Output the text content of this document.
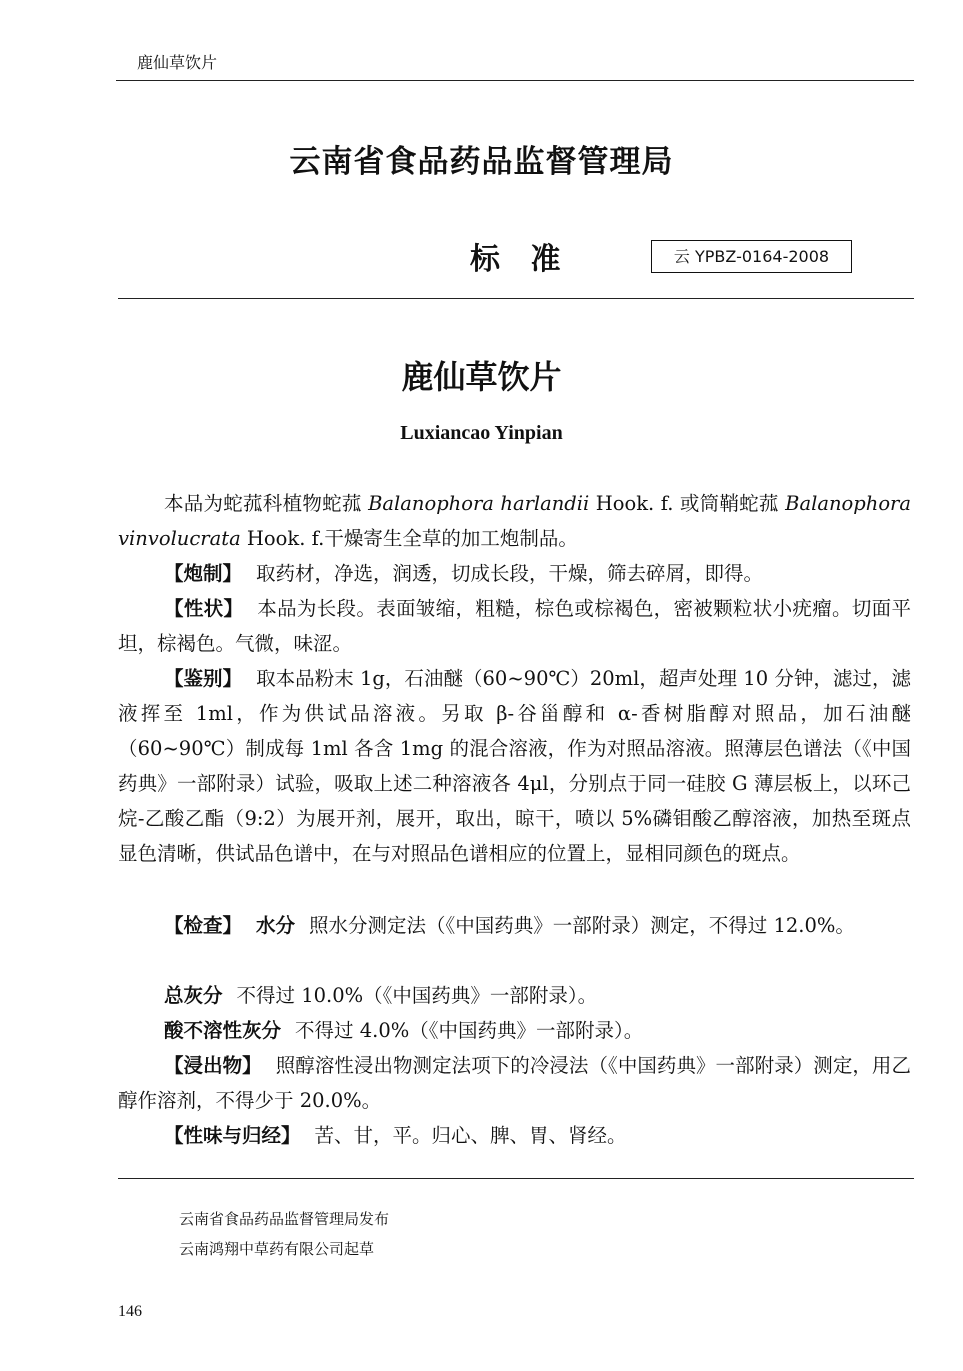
鹿仙草饮片
云南省食品药品监督管理局
标 准	云 YPBZ-0164-2008
鹿仙草饮片
Luxiancao Yinpian
本品为蛇菰科植物蛇菰 Balanophora harlandii Hook. f. 或筒鞘蛇菰 Balanophora vinvolucrata Hook. f.干燥寄生全草的加工炮制品。
【炮制】 取药材，净选，润透，切成长段，干燥，筛去碎屑，即得。
【性状】 本品为长段。表面皱缩，粗糙，棕色或棕褐色，密被颗粒状小疣瘤。切面平坦，棕褐色。气微，味涩。
【鉴别】 取本品粉末 1g，石油醚（60~90℃）20ml，超声处理 10 分钟，滤过，滤液挥至 1ml，作为供试品溶液。另取 β-谷甾醇和 α-香树脂醇对照品，加石油醚（60~90℃）制成每 1ml 各含 1mg 的混合溶液，作为对照品溶液。照薄层色谱法（《中国药典》一部附录）试验，吸取上述二种溶液各 4μl，分别点于同一硅胶 G 薄层板上，以环己烷-乙酸乙酯（9:2）为展开剂，展开，取出，晾干，喷以 5%磷钼酸乙醇溶液，加热至斑点显色清晰，供试品色谱中，在与对照品色谱相应的位置上，显相同颜色的斑点。
【检查】 水分 照水分测定法（《中国药典》一部附录）测定，不得过 12.0%。
总灰分 不得过 10.0%（《中国药典》一部附录）。
酸不溶性灰分 不得过 4.0%（《中国药典》一部附录）。
【浸出物】 照醇溶性浸出物测定法项下的冷浸法（《中国药典》一部附录）测定，用乙醇作溶剂，不得少于 20.0%。
【性味与归经】 苦、甘，平。归心、脾、胃、肾经。
云南省食品药品监督管理局发布
云南鸿翔中草药有限公司起草
146
